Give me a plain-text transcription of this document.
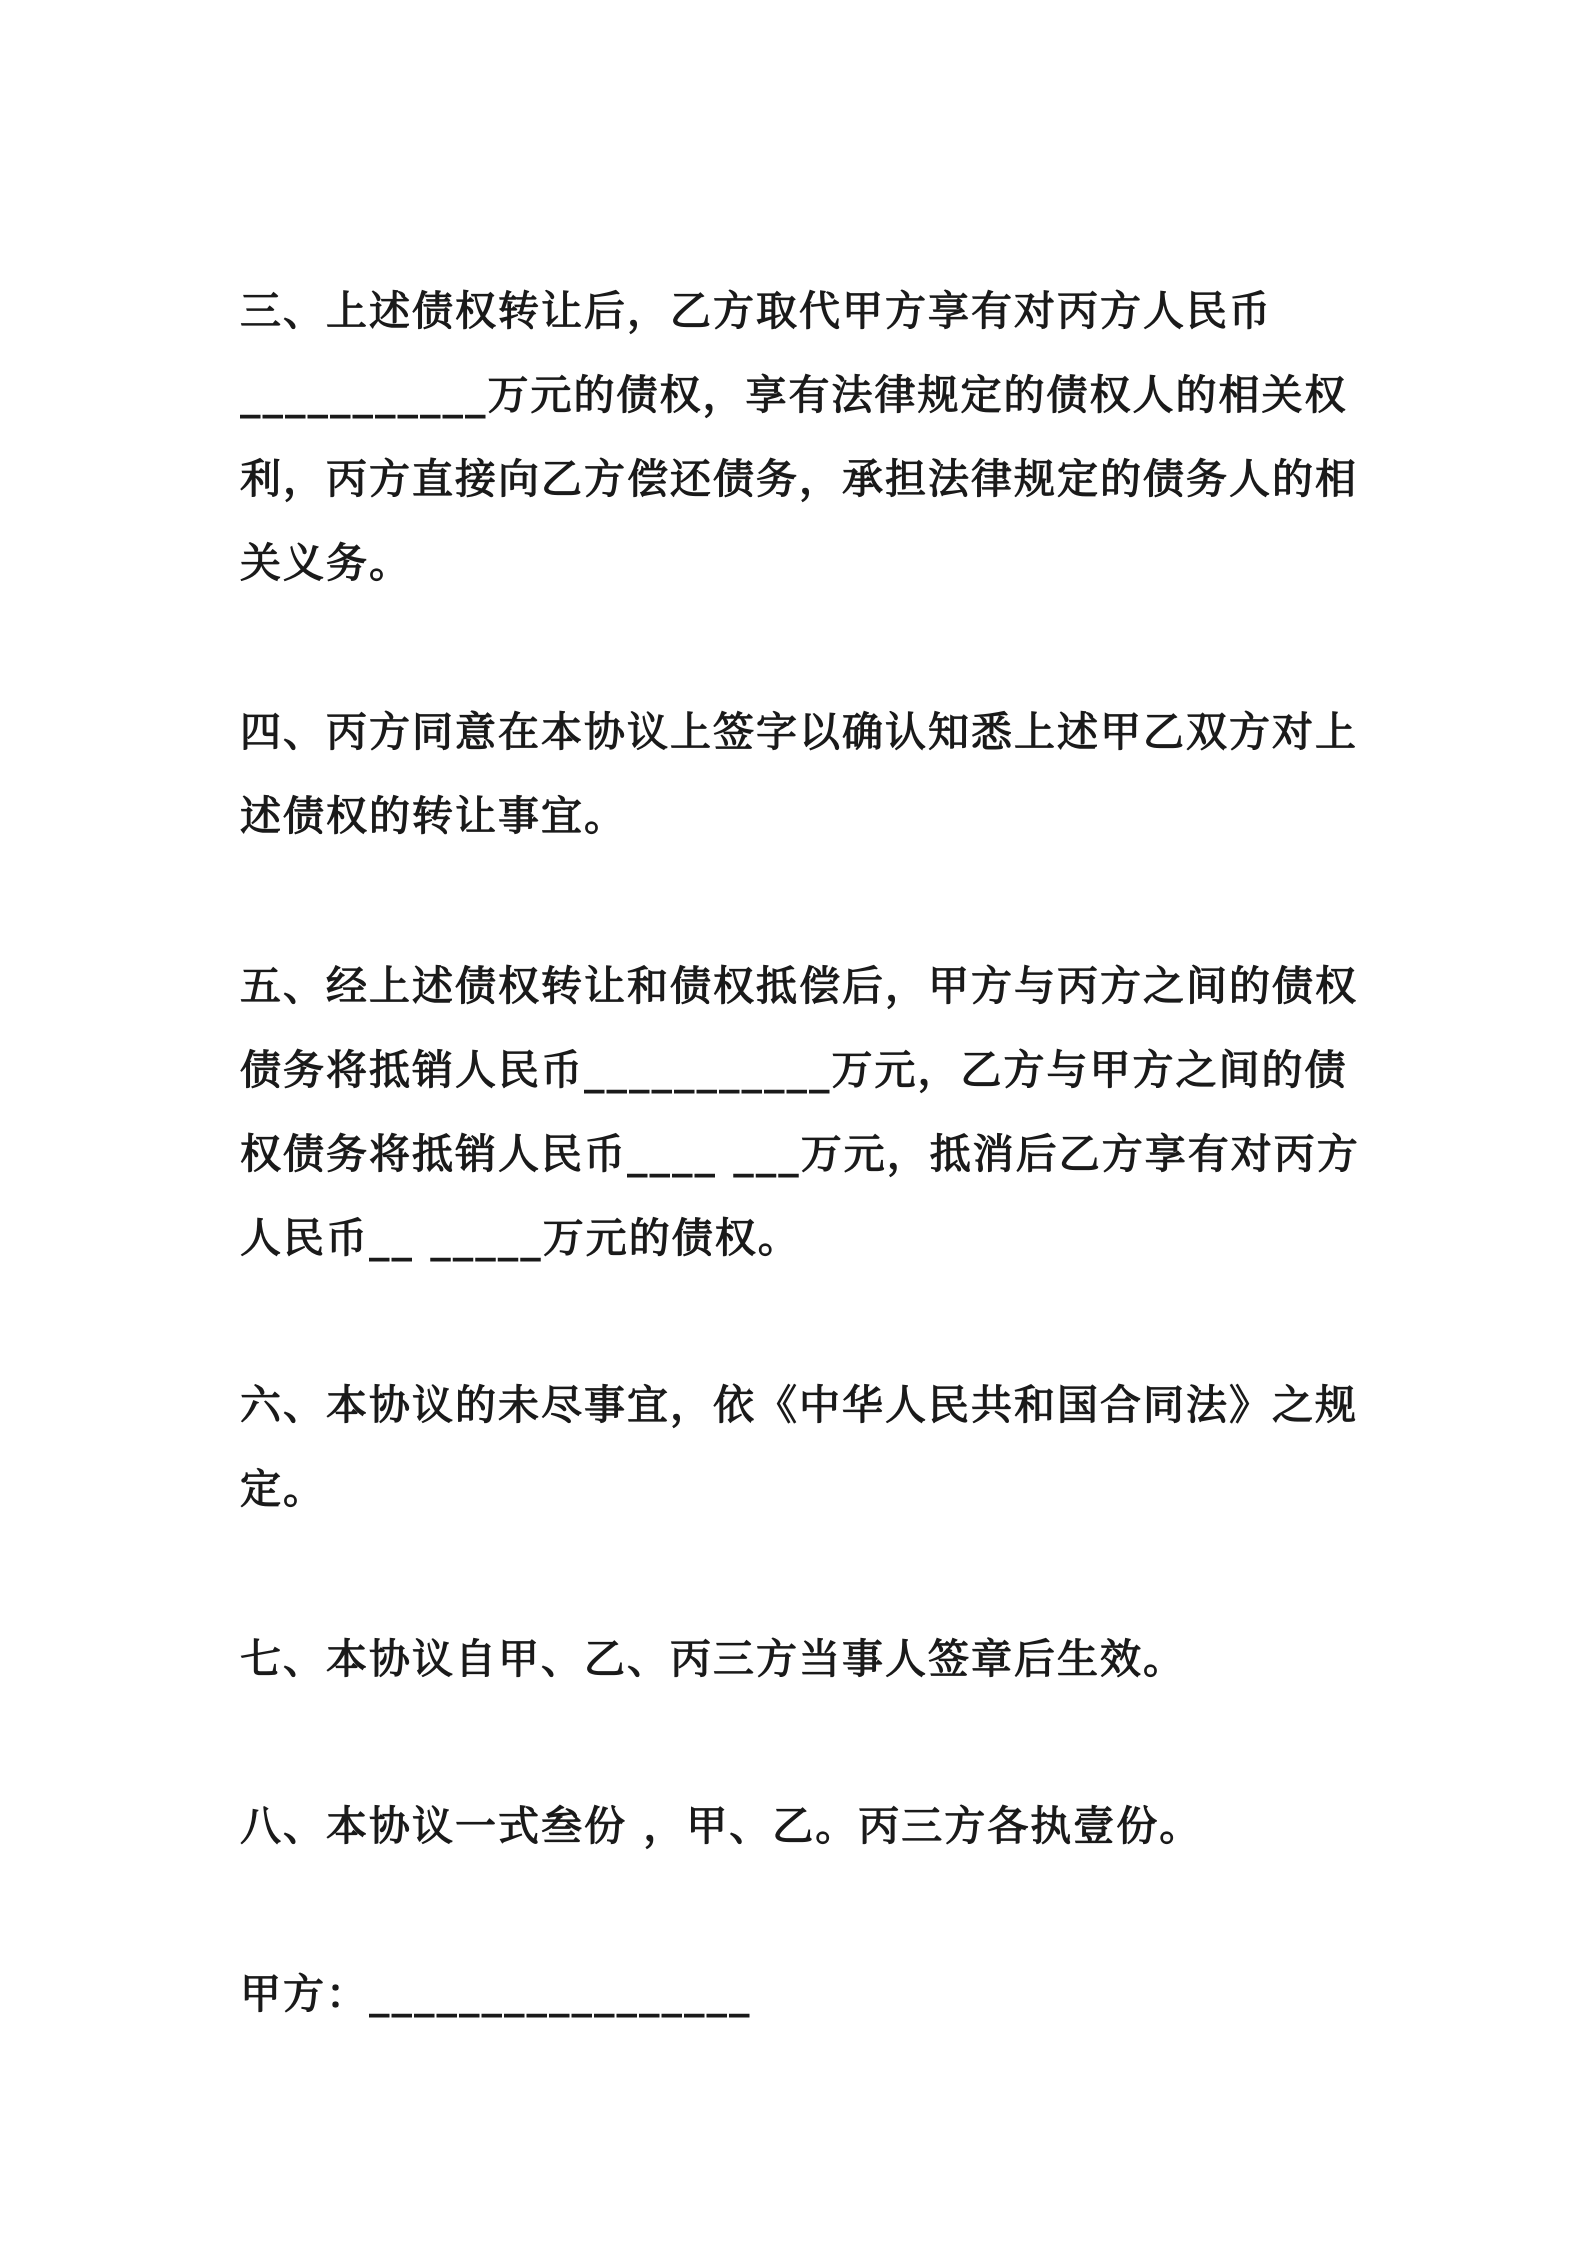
三、上述债权转让后，乙方取代甲方享有对丙方人民币
___________万元的债权，享有法律规定的债权人的相关权
利，丙方直接向乙方偿还债务，承担法律规定的债务人的相
关义务。

四、丙方同意在本协议上签字以确认知悉上述甲乙双方对上
述债权的转让事宜。

五、经上述债权转让和债权抵偿后，甲方与丙方之间的债权
债务将抵销人民币___________万元，乙方与甲方之间的债
权债务将抵销人民币____ ___万元，抵消后乙方享有对丙方
人民币__ _____万元的债权。

六、本协议的未尽事宜，依《中华人民共和国合同法》之规
定。

七、本协议自甲、乙、丙三方当事人签章后生效。

八、本协议一式叁份 ，甲、乙。丙三方各执壹份。

甲方：_________________
